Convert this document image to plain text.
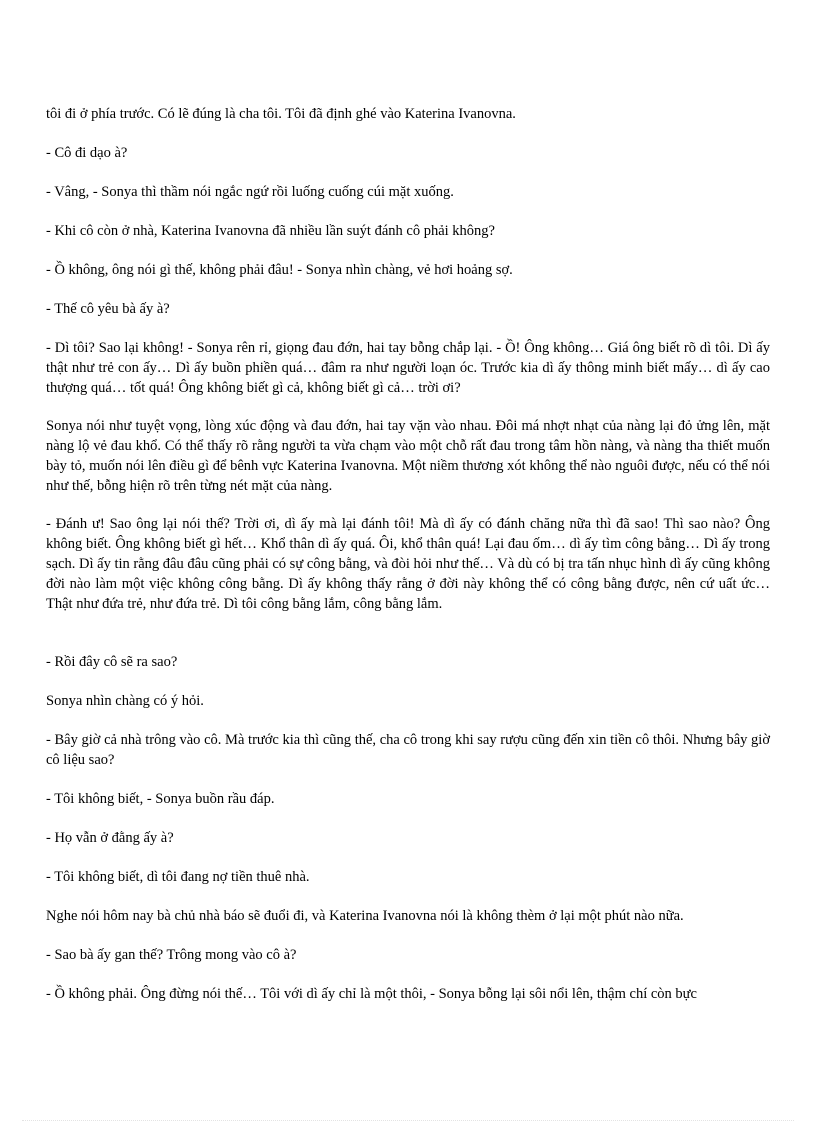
tôi đi ở phía trước. Có lẽ đúng là cha tôi. Tôi đã định ghé vào Katerina Ivanovna.

- Cô đi dạo à?

- Vâng, - Sonya thì thầm nói ngắc ngứ rồi luống cuống cúi mặt xuống.

- Khi cô còn ở nhà, Katerina Ivanovna đã nhiều lần suýt đánh cô phải không?

- Ồ không, ông nói gì thế, không phải đâu! - Sonya nhìn chàng, vẻ hơi hoảng sợ.

- Thế cô yêu bà ấy à?

- Dì tôi? Sao lại không! - Sonya rên rỉ, giọng đau đớn, hai tay bỗng chắp lại. - Ồ! Ông không… Giá ông biết rõ dì tôi. Dì ấy thật như trẻ con ấy… Dì ấy buồn phiền quá… đâm ra như người loạn óc. Trước kia dì ấy thông minh biết mấy… dì ấy cao thượng quá… tốt quá! Ông không biết gì cả, không biết gì cả… trời ơi?

Sonya nói như tuyệt vọng, lòng xúc động và đau đớn, hai tay vặn vào nhau. Đôi má nhợt nhạt của nàng lại đỏ ửng lên, mặt nàng lộ vẻ đau khổ. Có thể thấy rõ rằng người ta vừa chạm vào một chỗ rất đau trong tâm hồn nàng, và nàng tha thiết muốn bày tỏ, muốn nói lên điều gì để bênh vực Katerina Ivanovna. Một niềm thương xót không thể nào nguôi được, nếu có thể nói như thế, bỗng hiện rõ trên từng nét mặt của nàng.

- Đánh ư! Sao ông lại nói thế? Trời ơi, dì ấy mà lại đánh tôi! Mà dì ấy có đánh chăng nữa thì đã sao! Thì sao nào? Ông không biết. Ông không biết gì hết… Khổ thân dì ấy quá. Ôi, khổ thân quá! Lại đau ốm… dì ấy tìm công bằng… Dì ấy trong sạch. Dì ấy tin rằng đâu đâu cũng phải có sự công bằng, và đòi hỏi như thế… Và dù có bị tra tấn nhục hình dì ấy cũng không đời nào làm một việc không công bằng. Dì ấy không thấy rằng ở đời này không thể có công bằng được, nên cứ uất ức… Thật như đứa trẻ, như đứa trẻ. Dì tôi công bằng lắm, công bằng lắm.

- Rồi đây cô sẽ ra sao?

Sonya nhìn chàng có ý hỏi.

- Bây giờ cả nhà trông vào cô. Mà trước kia thì cũng thế, cha cô trong khi say rượu cũng đến xin tiền cô thôi. Nhưng bây giờ cô liệu sao?

- Tôi không biết, - Sonya buồn rầu đáp.

- Họ vẫn ở đằng ấy à?

- Tôi không biết, dì tôi đang nợ tiền thuê nhà.

Nghe nói hôm nay bà chủ nhà báo sẽ đuổi đi, và Katerina Ivanovna nói là không thèm ở lại một phút nào nữa.

- Sao bà ấy gan thế? Trông mong vào cô à?

- Ồ không phải. Ông đừng nói thế… Tôi với dì ấy chỉ là một thôi, - Sonya bỗng lại sôi nổi lên, thậm chí còn bực
